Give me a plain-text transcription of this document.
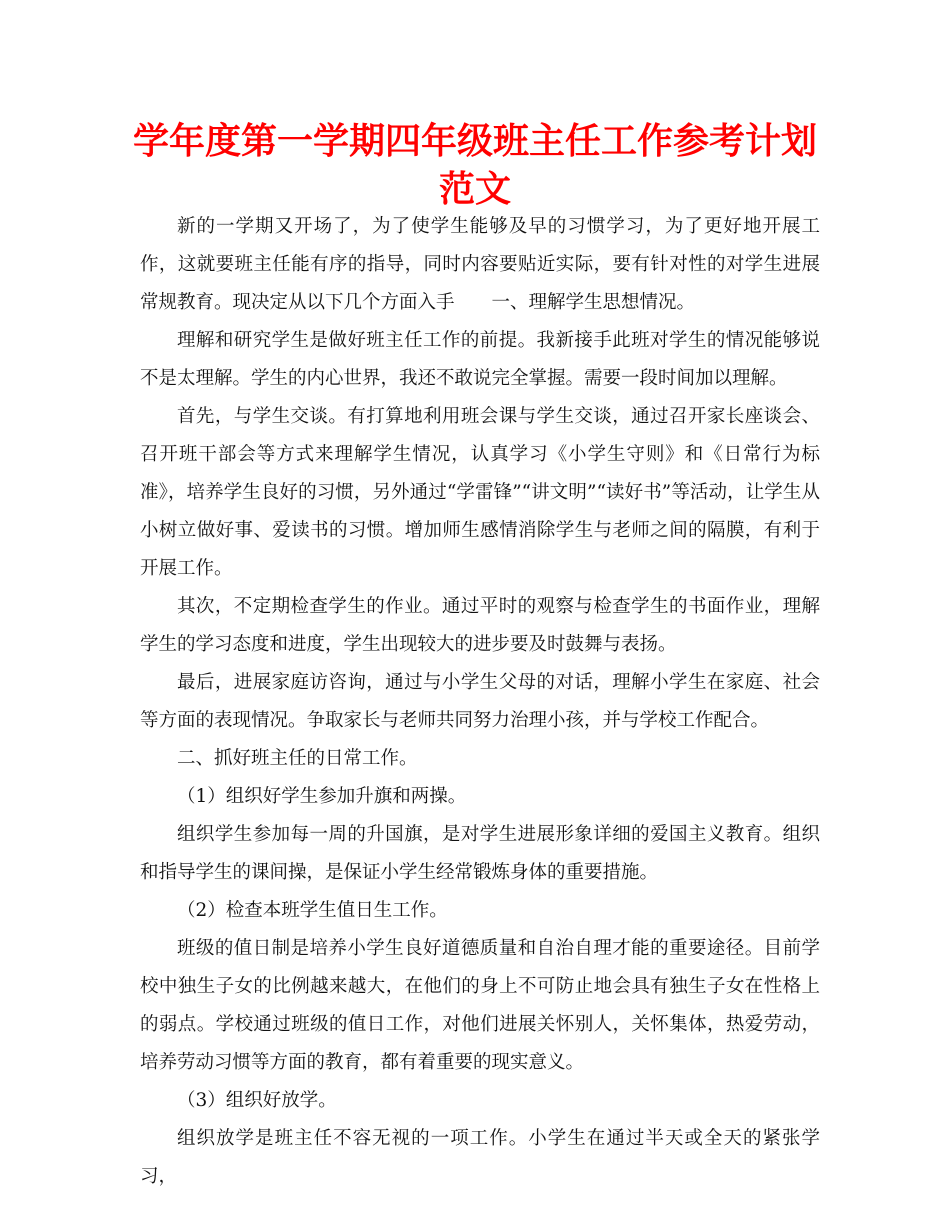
学年度第一学期四年级班主任工作参考计划范文

新的一学期又开场了，为了使学生能够及早的习惯学习，为了更好地开展工作，这就要班主任能有序的指导，同时内容要贴近实际，要有针对性的对学生进展常规教育。现决定从以下几个方面入手　　一、理解学生思想情况。

理解和研究学生是做好班主任工作的前提。我新接手此班对学生的情况能够说不是太理解。学生的内心世界，我还不敢说完全掌握。需要一段时间加以理解。

首先，与学生交谈。有打算地利用班会课与学生交谈，通过召开家长座谈会、召开班干部会等方式来理解学生情况，认真学习《小学生守则》和《日常行为标准》，培养学生良好的习惯，另外通过“学雷锋”“讲文明”“读好书”等活动，让学生从小树立做好事、爱读书的习惯。增加师生感情消除学生与老师之间的隔膜，有利于开展工作。

其次，不定期检查学生的作业。通过平时的观察与检查学生的书面作业，理解学生的学习态度和进度，学生出现较大的进步要及时鼓舞与表扬。

最后，进展家庭访咨询，通过与小学生父母的对话，理解小学生在家庭、社会等方面的表现情况。争取家长与老师共同努力治理小孩，并与学校工作配合。

二、抓好班主任的日常工作。

（1）组织好学生参加升旗和两操。

组织学生参加每一周的升国旗，是对学生进展形象详细的爱国主义教育。组织和指导学生的课间操，是保证小学生经常锻炼身体的重要措施。

（2）检查本班学生值日生工作。

班级的值日制是培养小学生良好道德质量和自治自理才能的重要途径。目前学校中独生子女的比例越来越大，在他们的身上不可防止地会具有独生子女在性格上的弱点。学校通过班级的值日工作，对他们进展关怀别人，关怀集体，热爱劳动，培养劳动习惯等方面的教育，都有着重要的现实意义。

（3）组织好放学。

组织放学是班主任不容无视的一项工作。小学生在通过半天或全天的紧张学习，
